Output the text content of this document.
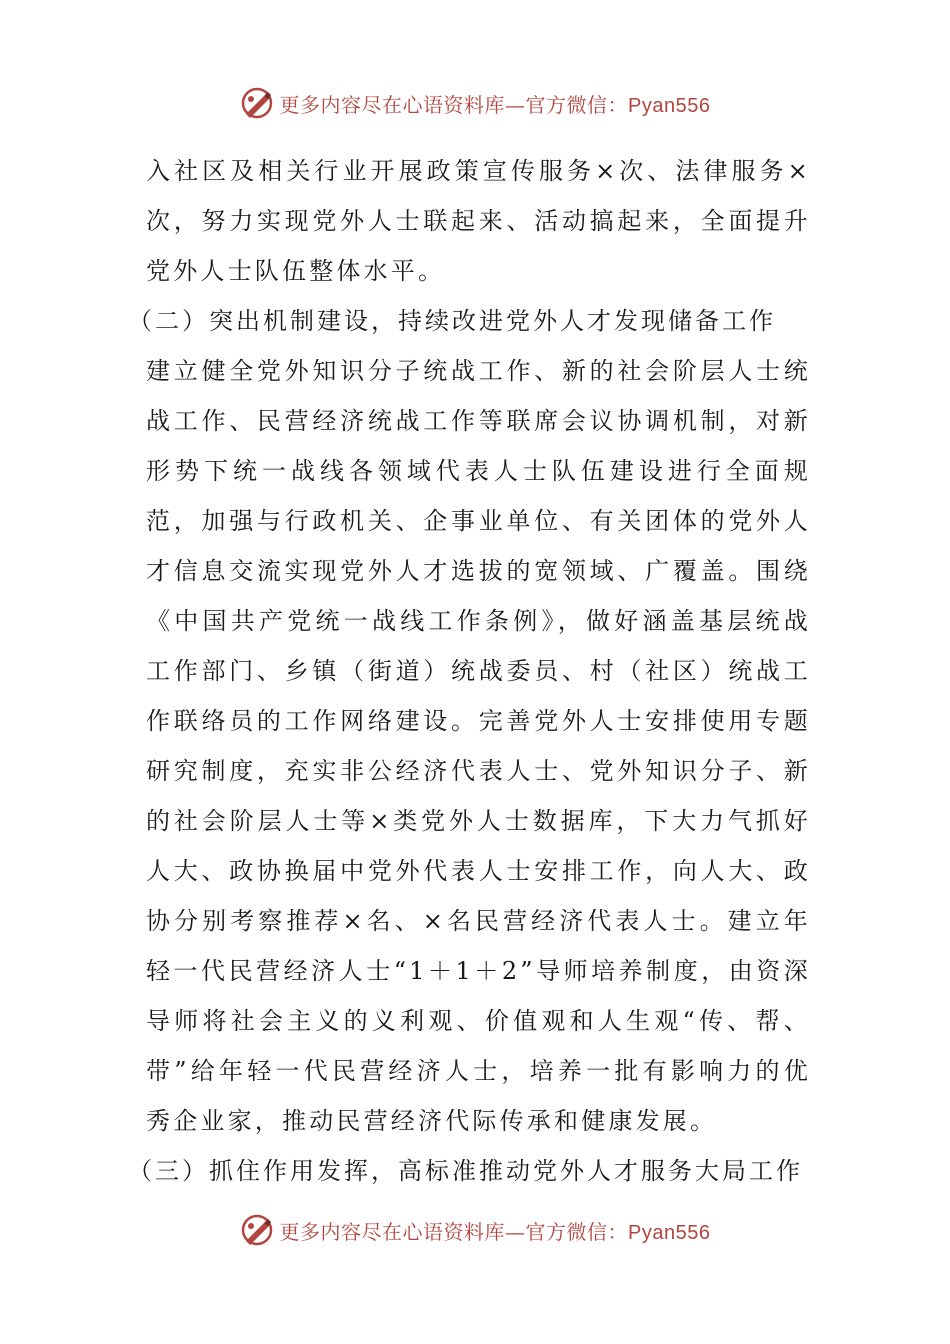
更多内容尽在心语资料库—官方微信：Pyan556

入社区及相关行业开展政策宣传服务×次、法律服务×次，努力实现党外人士联起来、活动搞起来，全面提升党外人士队伍整体水平。

（二）突出机制建设，持续改进党外人才发现储备工作

建立健全党外知识分子统战工作、新的社会阶层人士统战工作、民营经济统战工作等联席会议协调机制，对新形势下统一战线各领域代表人士队伍建设进行全面规范，加强与行政机关、企事业单位、有关团体的党外人才信息交流实现党外人才选拔的宽领域、广覆盖。围绕《中国共产党统一战线工作条例》，做好涵盖基层统战工作部门、乡镇（街道）统战委员、村（社区）统战工作联络员的工作网络建设。完善党外人士安排使用专题研究制度，充实非公经济代表人士、党外知识分子、新的社会阶层人士等×类党外人士数据库，下大力气抓好人大、政协换届中党外代表人士安排工作，向人大、政协分别考察推荐×名、×名民营经济代表人士。建立年轻一代民营经济人士“1＋1＋2”导师培养制度，由资深导师将社会主义的义利观、价值观和人生观“传、帮、带”给年轻一代民营经济人士，培养一批有影响力的优秀企业家，推动民营经济代际传承和健康发展。

（三）抓住作用发挥，高标准推动党外人才服务大局工作

更多内容尽在心语资料库—官方微信：Pyan556
